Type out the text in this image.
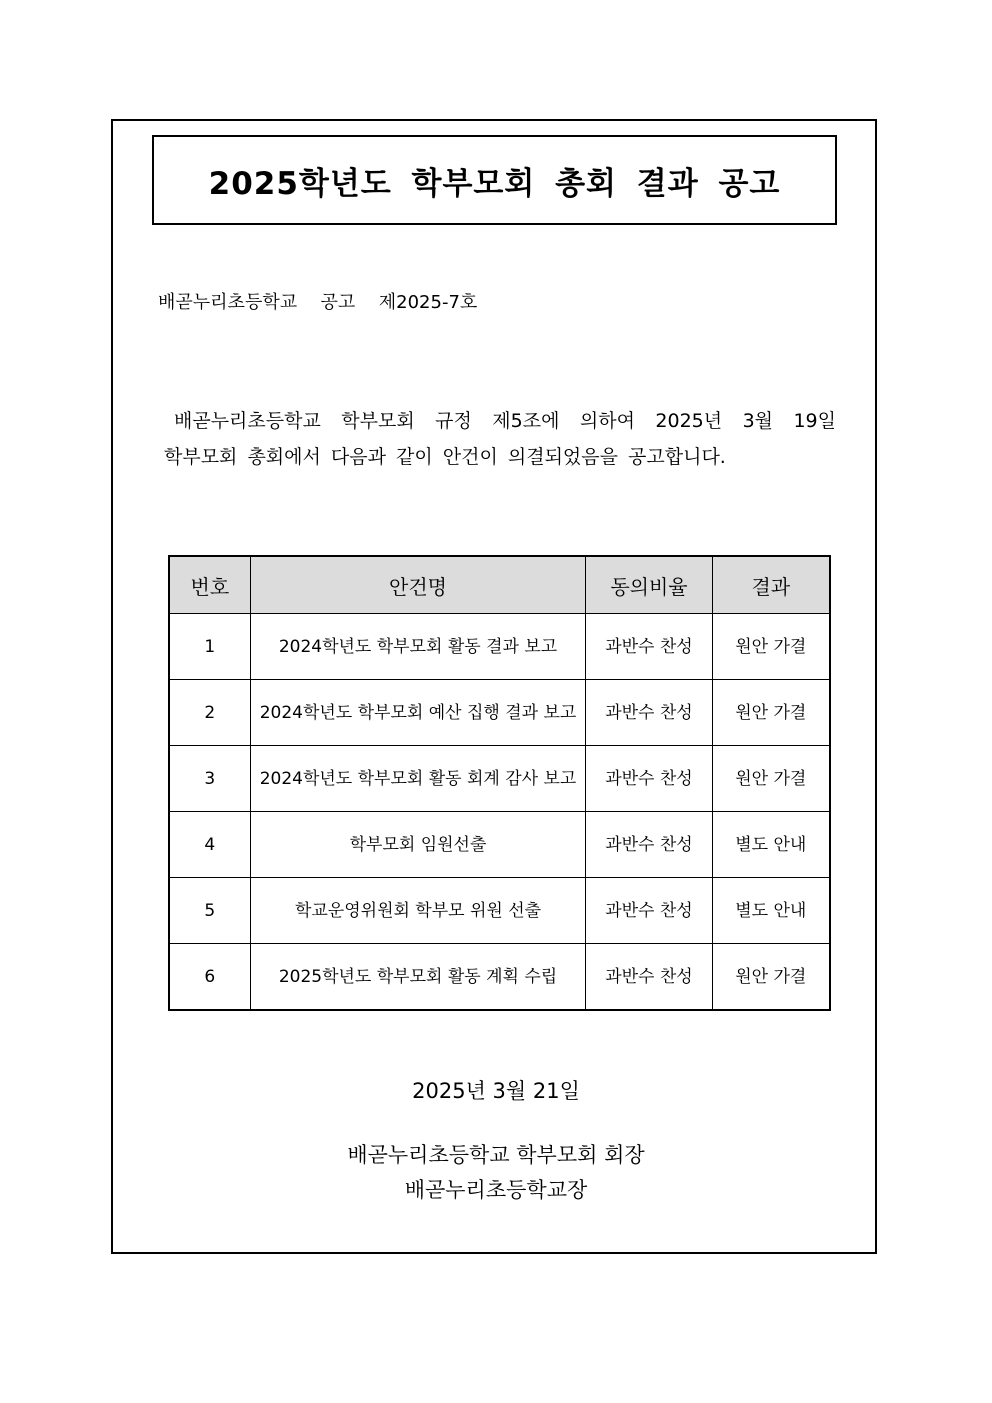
2025학년도 학부모회 총회 결과 공고
배곧누리초등학교  공고  제2025-7호
배곧누리초등학교 학부모회 규정 제5조에 의하여 2025년 3월 19일
학부모회 총회에서 다음과 같이 안건이 의결되었음을 공고합니다.
번호	안건명	동의비율	결과
1	2024학년도 학부모회 활동 결과 보고	과반수 찬성	원안 가결
2	2024학년도 학부모회 예산 집행 결과 보고	과반수 찬성	원안 가결
3	2024학년도 학부모회 활동 회계 감사 보고	과반수 찬성	원안 가결
4	학부모회 임원선출	과반수 찬성	별도 안내
5	학교운영위원회 학부모 위원 선출	과반수 찬성	별도 안내
6	2025학년도 학부모회 활동 계획 수립	과반수 찬성	원안 가결
2025년 3월 21일
배곧누리초등학교 학부모회 회장
배곧누리초등학교장
